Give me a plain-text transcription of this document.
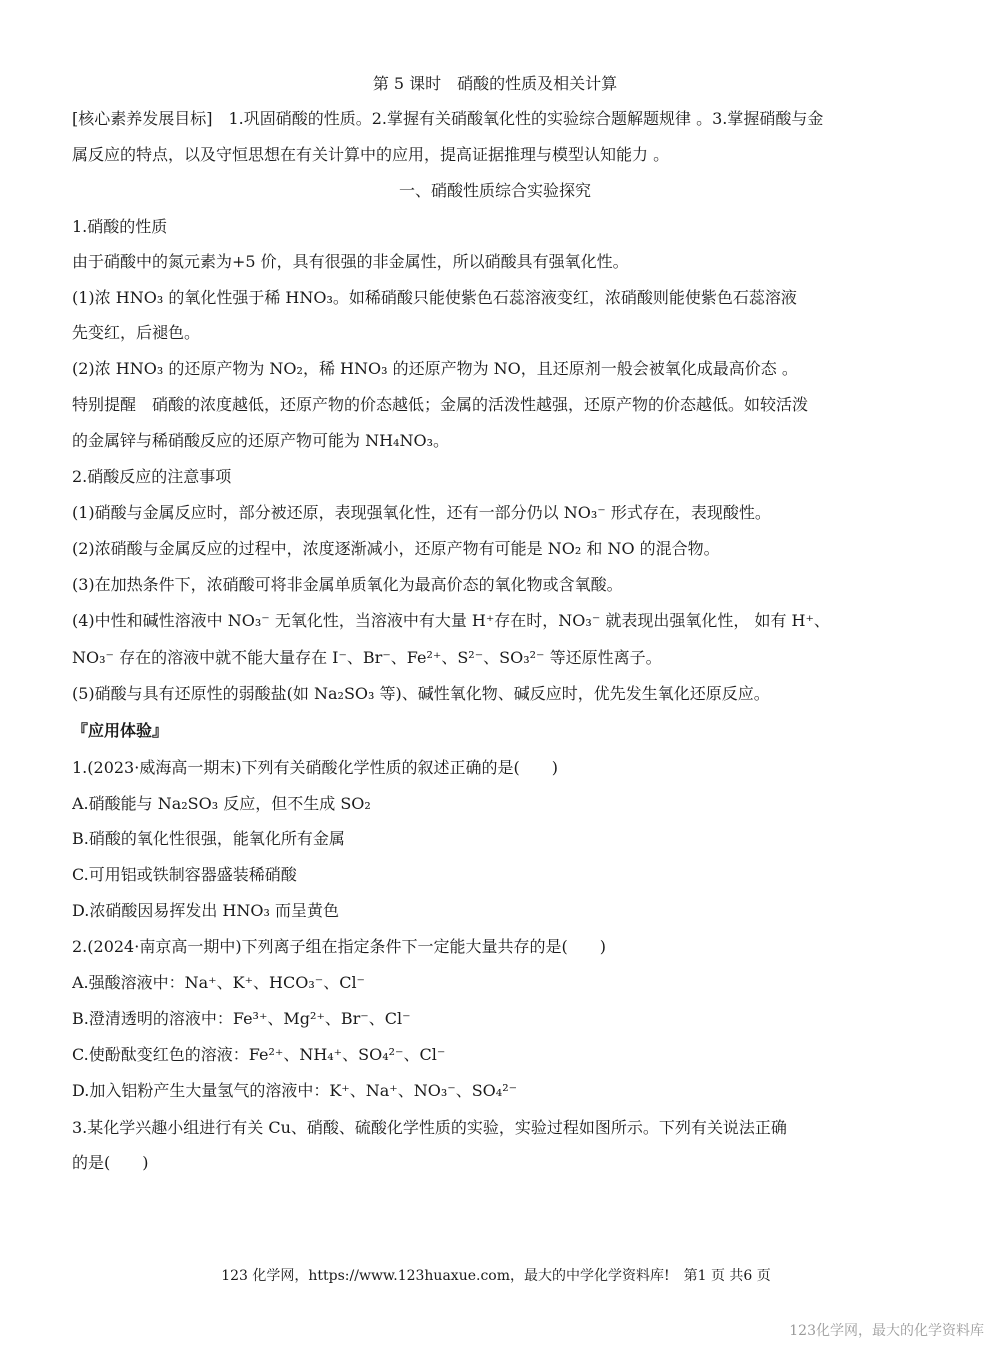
第 5 课时　硝酸的性质及相关计算
[核心素养发展目标]　1.巩固硝酸的性质。2.掌握有关硝酸氧化性的实验综合题解题规律 。3.掌握硝酸与金
属反应的特点，以及守恒思想在有关计算中的应用，提高证据推理与模型认知能力 。
一、硝酸性质综合实验探究
1.硝酸的性质
由于硝酸中的氮元素为+5 价，具有很强的非金属性，所以硝酸具有强氧化性。
(1)浓 HNO₃ 的氧化性强于稀 HNO₃。如稀硝酸只能使紫色石蕊溶液变红，浓硝酸则能使紫色石蕊溶液
先变红，后褪色。
(2)浓 HNO₃ 的还原产物为 NO₂，稀 HNO₃ 的还原产物为 NO，且还原剂一般会被氧化成最高价态 。
特别提醒　硝酸的浓度越低，还原产物的价态越低；金属的活泼性越强，还原产物的价态越低。如较活泼
的金属锌与稀硝酸反应的还原产物可能为 NH₄NO₃。
2.硝酸反应的注意事项
(1)硝酸与金属反应时，部分被还原，表现强氧化性，还有一部分仍以 NO₃⁻ 形式存在，表现酸性。
(2)浓硝酸与金属反应的过程中，浓度逐渐减小，还原产物有可能是 NO₂ 和 NO 的混合物。
(3)在加热条件下，浓硝酸可将非金属单质氧化为最高价态的氧化物或含氧酸。
(4)中性和碱性溶液中 NO₃⁻ 无氧化性，当溶液中有大量 H⁺存在时，NO₃⁻ 就表现出强氧化性， 如有 H⁺、
NO₃⁻ 存在的溶液中就不能大量存在 I⁻、Br⁻、Fe²⁺、S²⁻、SO₃²⁻ 等还原性离子。
(5)硝酸与具有还原性的弱酸盐(如 Na₂SO₃ 等)、碱性氧化物、碱反应时，优先发生氧化还原反应。
『应用体验』
1.(2023·威海高一期末)下列有关硝酸化学性质的叙述正确的是(　　)
A.硝酸能与 Na₂SO₃ 反应，但不生成 SO₂
B.硝酸的氧化性很强，能氧化所有金属
C.可用铝或铁制容器盛装稀硝酸
D.浓硝酸因易挥发出 HNO₃ 而呈黄色
2.(2024·南京高一期中)下列离子组在指定条件下一定能大量共存的是(　　)
A.强酸溶液中：Na⁺、K⁺、HCO₃⁻、Cl⁻
B.澄清透明的溶液中：Fe³⁺、Mg²⁺、Br⁻、Cl⁻
C.使酚酞变红色的溶液：Fe²⁺、NH₄⁺、SO₄²⁻、Cl⁻
D.加入铝粉产生大量氢气的溶液中：K⁺、Na⁺、NO₃⁻、SO₄²⁻
3.某化学兴趣小组进行有关 Cu、硝酸、硫酸化学性质的实验，实验过程如图所示。下列有关说法正确
的是(　　)
123 化学网，https://www.123huaxue.com，最大的中学化学资料库!　第1 页 共6 页
123化学网，最大的化学资料库
